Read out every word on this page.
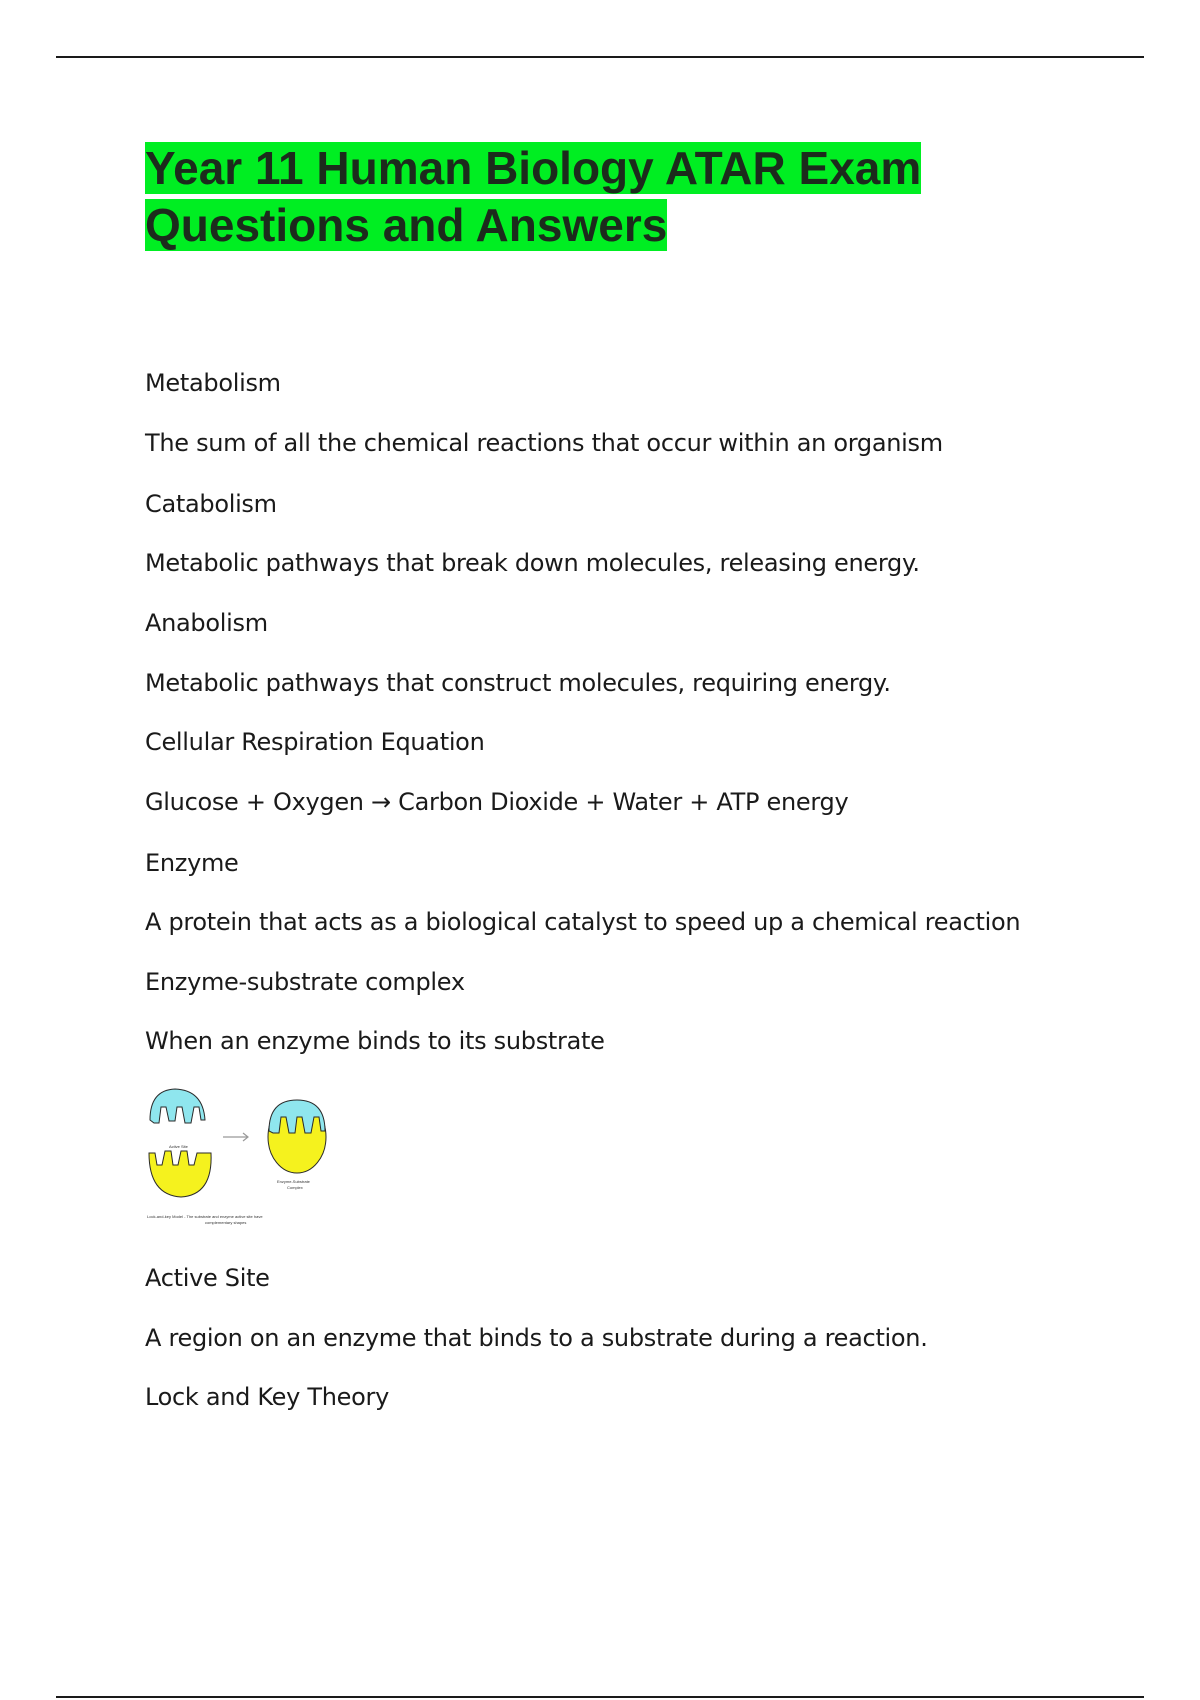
Year 11 Human Biology ATAR Exam
Questions and Answers
Metabolism
The sum of all the chemical reactions that occur within an organism
Catabolism
Metabolic pathways that break down molecules, releasing energy.
Anabolism
Metabolic pathways that construct molecules, requiring energy.
Cellular Respiration Equation
Glucose + Oxygen → Carbon Dioxide + Water + ATP energy
Enzyme
A protein that acts as a biological catalyst to speed up a chemical reaction
Enzyme-substrate complex
When an enzyme binds to its substrate
Active Site
Enzyme-Substrate
Complex
Lock-and-key Model - The substrate and enzyme active site have
complementary shapes
Active Site
A region on an enzyme that binds to a substrate during a reaction.
Lock and Key Theory
